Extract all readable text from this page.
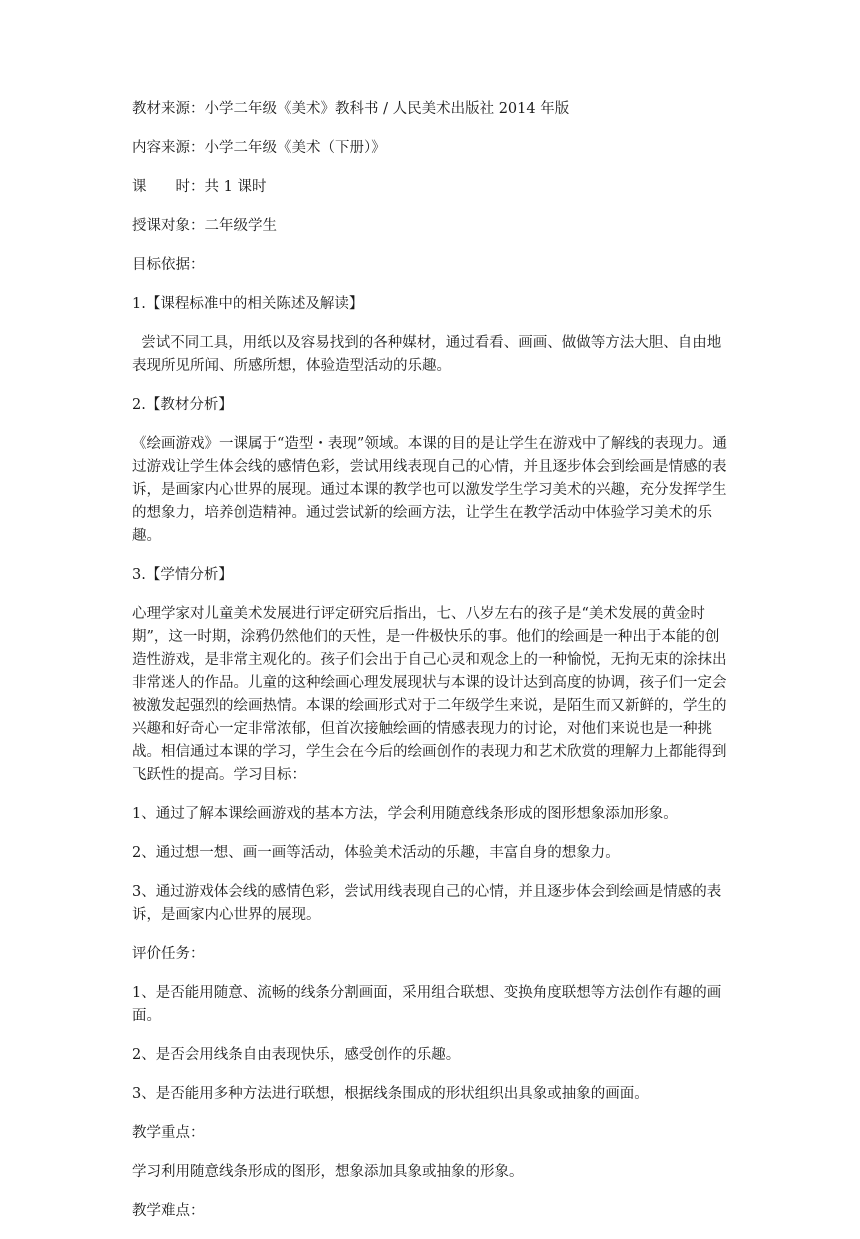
教材来源：小学二年级《美术》教科书 / 人民美术出版社 2014 年版

内容来源：小学二年级《美术（下册）》

课　　时：共 1 课时

授课对象：二年级学生

目标依据：

1.【课程标准中的相关陈述及解读】

尝试不同工具，用纸以及容易找到的各种媒材，通过看看、画画、做做等方法大胆、自由地表现所见所闻、所感所想，体验造型活动的乐趣。

2.【教材分析】

《绘画游戏》一课属于“造型・表现”领域。本课的目的是让学生在游戏中了解线的表现力。通过游戏让学生体会线的感情色彩，尝试用线表现自己的心情，并且逐步体会到绘画是情感的表诉，是画家内心世界的展现。通过本课的教学也可以激发学生学习美术的兴趣，充分发挥学生的想象力，培养创造精神。通过尝试新的绘画方法，让学生在教学活动中体验学习美术的乐趣。

3.【学情分析】

心理学家对儿童美术发展进行评定研究后指出，七、八岁左右的孩子是“美术发展的黄金时期”，这一时期，涂鸦仍然他们的天性，是一件极快乐的事。他们的绘画是一种出于本能的创造性游戏，是非常主观化的。孩子们会出于自己心灵和观念上的一种愉悦，无拘无束的涂抹出非常迷人的作品。儿童的这种绘画心理发展现状与本课的设计达到高度的协调，孩子们一定会被激发起强烈的绘画热情。本课的绘画形式对于二年级学生来说，是陌生而又新鲜的，学生的兴趣和好奇心一定非常浓郁，但首次接触绘画的情感表现力的讨论，对他们来说也是一种挑战。相信通过本课的学习，学生会在今后的绘画创作的表现力和艺术欣赏的理解力上都能得到飞跃性的提高。学习目标：

1、通过了解本课绘画游戏的基本方法，学会利用随意线条形成的图形想象添加形象。

2、通过想一想、画一画等活动，体验美术活动的乐趣，丰富自身的想象力。

3、通过游戏体会线的感情色彩，尝试用线表现自己的心情，并且逐步体会到绘画是情感的表诉，是画家内心世界的展现。

评价任务：

1、是否能用随意、流畅的线条分割画面，采用组合联想、变换角度联想等方法创作有趣的画面。

2、是否会用线条自由表现快乐，感受创作的乐趣。

3、是否能用多种方法进行联想，根据线条围成的形状组织出具象或抽象的画面。

教学重点：

学习利用随意线条形成的图形，想象添加具象或抽象的形象。

教学难点：
